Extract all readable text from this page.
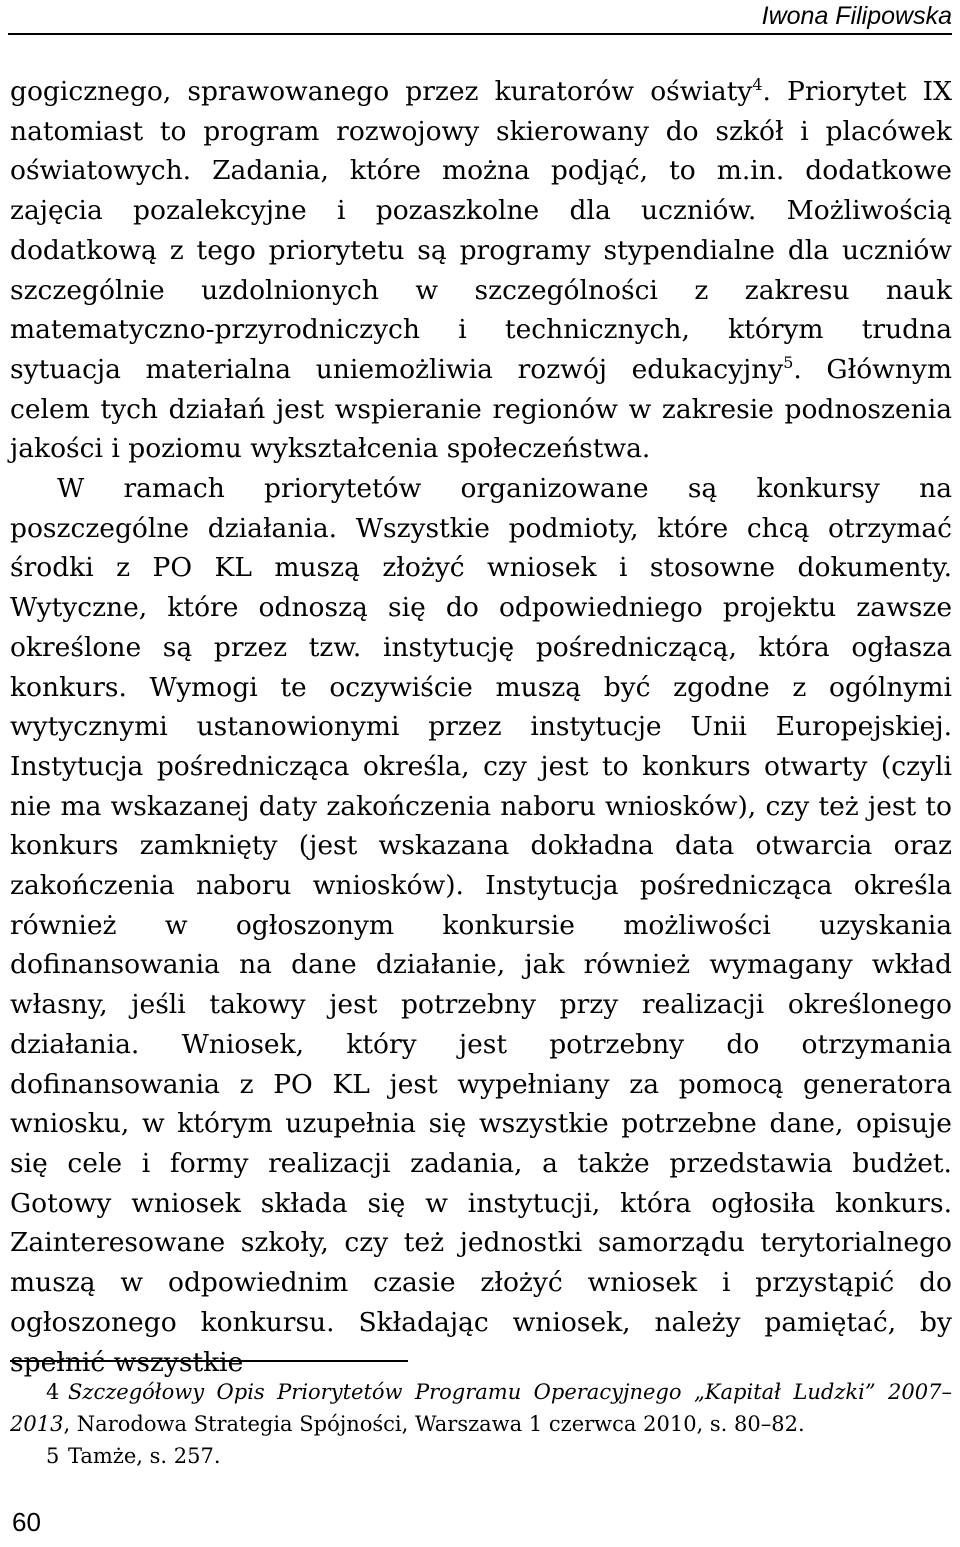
Iwona Filipowska

gogicznego, sprawowanego przez kuratorów oświaty$^4$. Priorytet IX natomiast to program rozwojowy skierowany do szkół i placówek oświatowych. Zadania, które można podjąć, to m.in. dodatkowe zajęcia pozalekcyjne i pozaszkolne dla uczniów. Możliwością dodatkową z tego priorytetu są programy stypendialne dla uczniów szczególnie uzdolnionych w szczególności z zakresu nauk matematyczno-przyrodniczych i technicznych, którym trudna sytuacja materialna uniemożliwia rozwój edukacyjny$^5$. Głównym celem tych działań jest wspieranie regionów w zakresie podnoszenia jakości i poziomu wykształcenia społeczeństwa.

W ramach priorytetów organizowane są konkursy na poszczególne działania. Wszystkie podmioty, które chcą otrzymać środki z PO KL muszą złożyć wniosek i stosowne dokumenty. Wytyczne, które odnoszą się do odpowiedniego projektu zawsze określone są przez tzw. instytucję pośredniczącą, która ogłasza konkurs. Wymogi te oczywiście muszą być zgodne z ogólnymi wytycznymi ustanowionymi przez instytucje Unii Europejskiej. Instytucja pośrednicząca określa, czy jest to konkurs otwarty (czyli nie ma wskazanej daty zakończenia naboru wniosków), czy też jest to konkurs zamknięty (jest wskazana dokładna data otwarcia oraz zakończenia naboru wniosków). Instytucja pośrednicząca określa również w ogłoszonym konkursie możliwości uzyskania dofinansowania na dane działanie, jak również wymagany wkład własny, jeśli takowy jest potrzebny przy realizacji określonego działania. Wniosek, który jest potrzebny do otrzymania dofinansowania z PO KL jest wypełniany za pomocą generatora wniosku, w którym uzupełnia się wszystkie potrzebne dane, opisuje się cele i formy realizacji zadania, a także przedstawia budżet. Gotowy wniosek składa się w instytucji, która ogłosiła konkurs. Zainteresowane szkoły, czy też jednostki samorządu terytorialnego muszą w odpowiednim czasie złożyć wniosek i przystąpić do ogłoszonego konkursu. Składając wniosek, należy pamiętać, by spełnić wszystkie

4 Szczegółowy Opis Priorytetów Programu Operacyjnego „Kapitał Ludzki” 2007–2013, Narodowa Strategia Spójności, Warszawa 1 czerwca 2010, s. 80–82.

5 Tamże, s. 257.

60
